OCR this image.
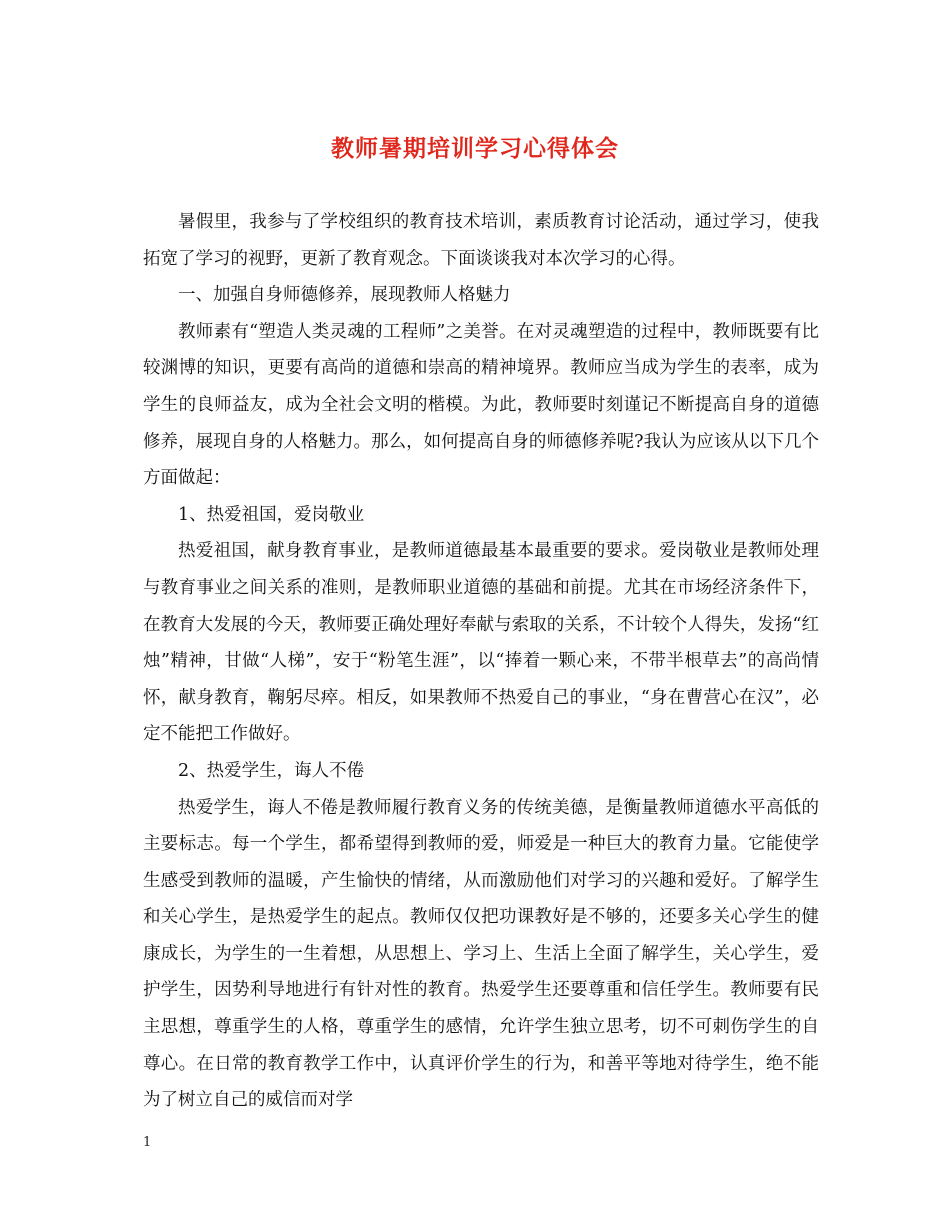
教师暑期培训学习心得体会

暑假里，我参与了学校组织的教育技术培训，素质教育讨论活动，通过学习，使我拓宽了学习的视野，更新了教育观念。下面谈谈我对本次学习的心得。

一、加强自身师德修养，展现教师人格魅力

教师素有“塑造人类灵魂的工程师”之美誉。在对灵魂塑造的过程中，教师既要有比较渊博的知识，更要有高尚的道德和崇高的精神境界。教师应当成为学生的表率，成为学生的良师益友，成为全社会文明的楷模。为此，教师要时刻谨记不断提高自身的道德修养，展现自身的人格魅力。那么，如何提高自身的师德修养呢?我认为应该从以下几个方面做起：

1、热爱祖国，爱岗敬业

热爱祖国，献身教育事业，是教师道德最基本最重要的要求。爱岗敬业是教师处理与教育事业之间关系的准则，是教师职业道德的基础和前提。尤其在市场经济条件下，在教育大发展的今天，教师要正确处理好奉献与索取的关系，不计较个人得失，发扬“红烛”精神，甘做“人梯”，安于“粉笔生涯”，以“捧着一颗心来，不带半根草去”的高尚情怀，献身教育，鞠躬尽瘁。相反，如果教师不热爱自己的事业，“身在曹营心在汉”，必定不能把工作做好。

2、热爱学生，诲人不倦

热爱学生，诲人不倦是教师履行教育义务的传统美德，是衡量教师道德水平高低的主要标志。每一个学生，都希望得到教师的爱，师爱是一种巨大的教育力量。它能使学生感受到教师的温暖，产生愉快的情绪，从而激励他们对学习的兴趣和爱好。了解学生和关心学生，是热爱学生的起点。教师仅仅把功课教好是不够的，还要多关心学生的健康成长，为学生的一生着想，从思想上、学习上、生活上全面了解学生，关心学生，爱护学生，因势利导地进行有针对性的教育。热爱学生还要尊重和信任学生。教师要有民主思想，尊重学生的人格，尊重学生的感情，允许学生独立思考，切不可刺伤学生的自尊心。在日常的教育教学工作中，认真评价学生的行为，和善平等地对待学生，绝不能为了树立自己的威信而对学

1
